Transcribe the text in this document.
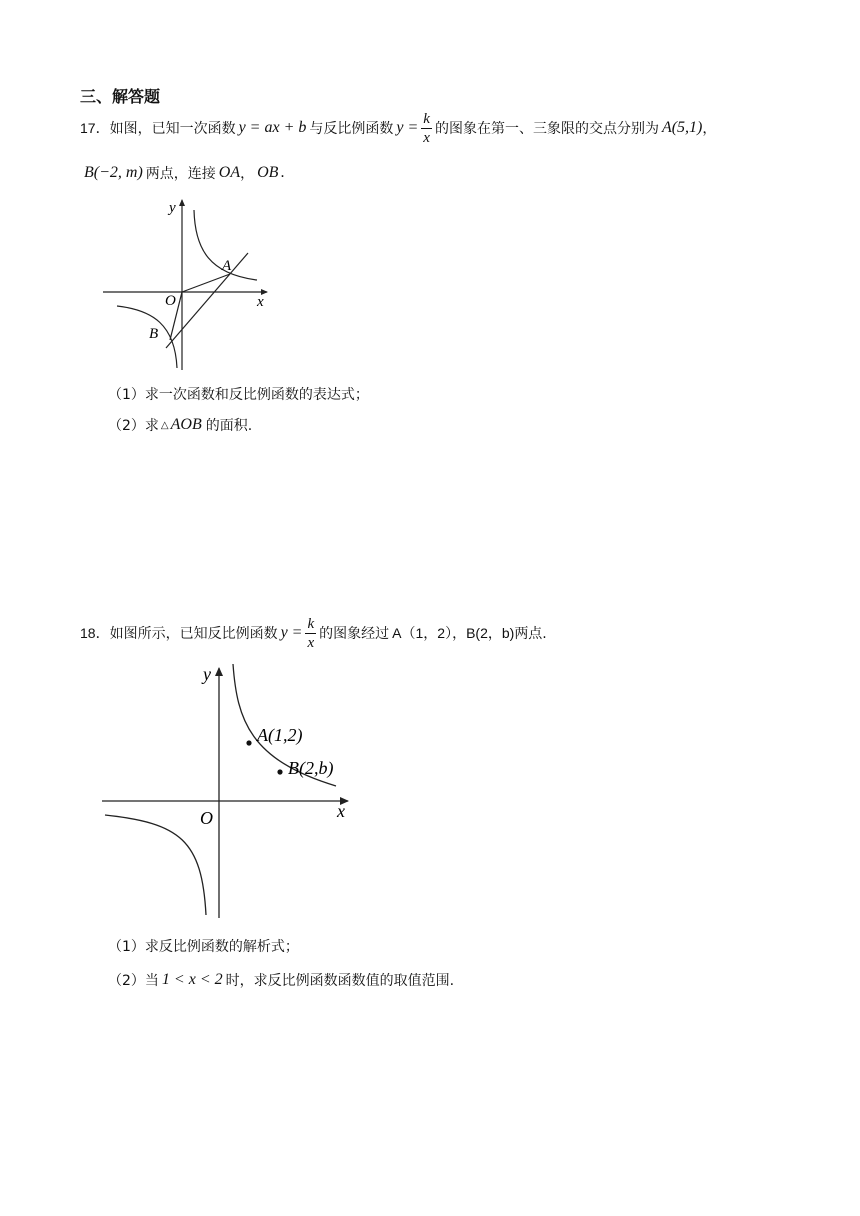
三、解答题
17． 如图，已知一次函数 y = ax + b 与反比例函数 $y = \frac{k}{x}$ 的图象在第一、三象限的交点分别为 A(5,1) ，
B(−2, m) 两点，连接 OA ， OB .
y
x
O
A
B
（1）求一次函数和反比例函数的表达式；
（2）求 △ AOB 的面积.
18． 如图所示，已知反比例函数 $y = \frac{k}{x}$ 的图象经过 A（1，2），B(2，b) 两点.
y
x
O
A(1,2)
B(2,b)
（1）求反比例函数的解析式；
（2）当 1 < x < 2 时，求反比例函数函数值的取值范围.
